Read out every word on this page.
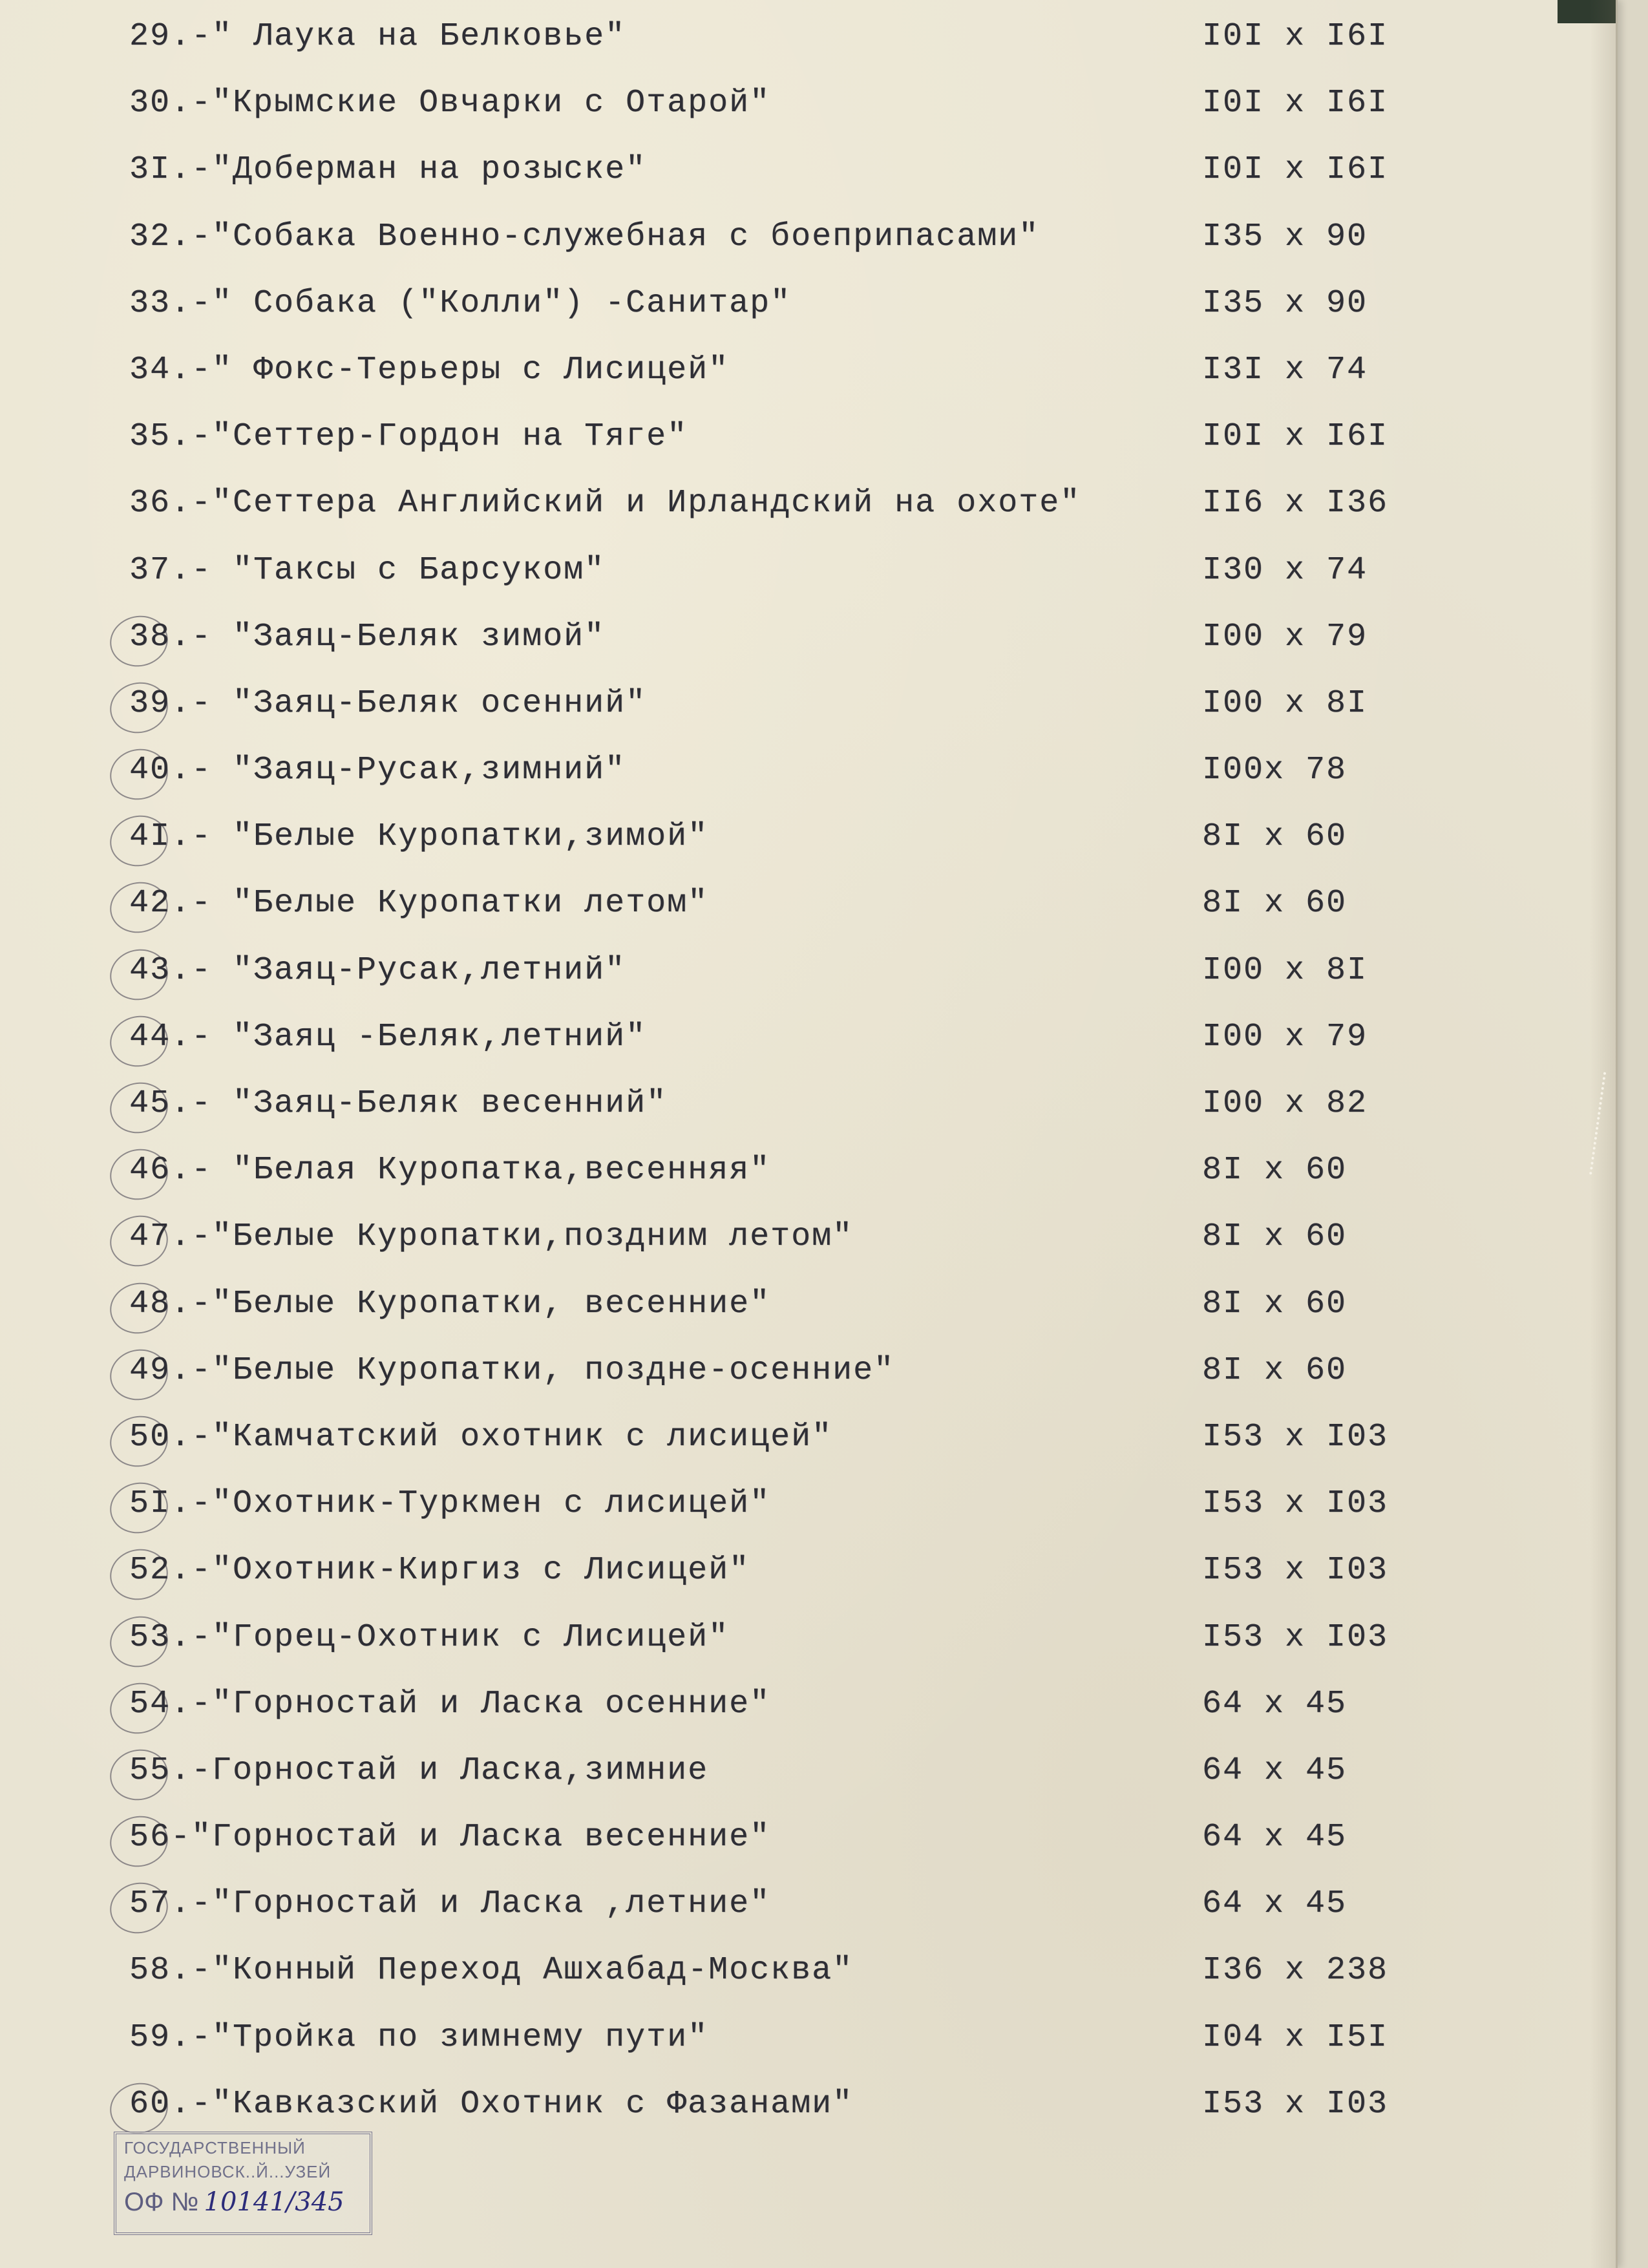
29.-" Лаука на Белковье"	I0I x I6I
30.-"Крымские Овчарки с Отарой"	I0I x I6I
3I.-"Доберман на розыске"	I0I x I6I
32.-"Собака Военно-служебная с боеприпасами"	I35 x 90
33.-" Собака ("Колли") -Санитар"	I35 x 90
34.-" Фокс-Терьеры с Лисицей"	I3I x 74
35.-"Сеттер-Гордон на Тяге"	I0I x I6I
36.-"Сеттера Английский и Ирландский на охоте"	II6 x I36
37.- "Таксы с Барсуком"	I30 x 74
38.- "Заяц-Беляк зимой"	I00 x 79
39.- "Заяц-Беляк осенний"	I00 x 8I
40.- "Заяц-Русак,зимний"	I00x 78
4I.- "Белые Куропатки,зимой"	8I x 60
42.- "Белые Куропатки летом"	8I x 60
43.- "Заяц-Русак,летний"	I00 x 8I
44.- "Заяц -Беляк,летний"	I00 x 79
45.- "Заяц-Беляк весенний"	I00 x 82
46.- "Белая Куропатка,весенняя"	8I x 60
47.-"Белые Куропатки,поздним летом"	8I x 60
48.-"Белые Куропатки, весенние"	8I x 60
49.-"Белые Куропатки, поздне-осенние"	8I x 60
50.-"Камчатский охотник с лисицей"	I53 x I03
5I.-"Охотник-Туркмен с лисицей"	I53 x I03
52.-"Охотник-Киргиз с Лисицей"	I53 x I03
53.-"Горец-Охотник с Лисицей"	I53 x I03
54.-"Горностай и Ласка осенние"	64 x 45
55.-Горностай и Ласка,зимние	64 x 45
56-"Горностай и Ласка весенние"	64 x 45
57.-"Горностай и Ласка ,летние"	64 x 45
58.-"Конный Переход Ашхабад-Москва"	I36 x 238
59.-"Тройка по зимнему пути"	I04 x I5I
60.-"Кавказский Охотник с Фазанами"	I53 x I03
ГОСУДАРСТВЕННЫЙ
ДАРВИНОВСК..Й...УЗЕЙ
ОФ № 10141/345
